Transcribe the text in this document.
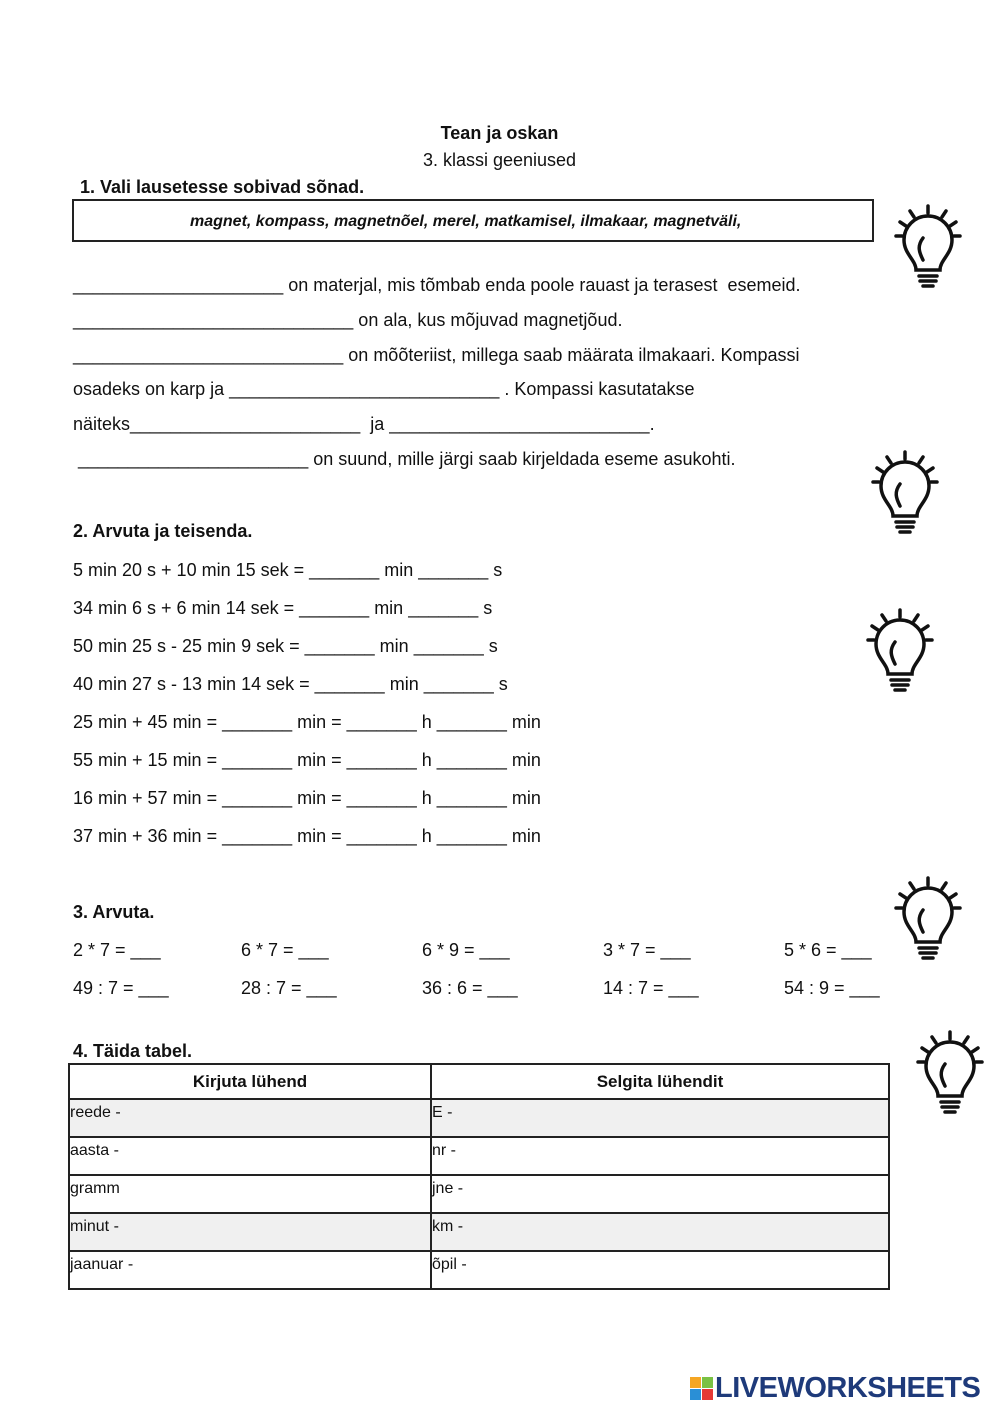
Tean ja oskan
3. klassi geeniused
1. Vali lausetesse sobivad sõnad.
magnet, kompass, magnetnõel, merel, matkamisel, ilmakaar, magnetväli,
_____________________ on materjal, mis tõmbab enda poole rauast ja terasest  esemeid.
____________________________ on ala, kus mõjuvad magnetjõud.
___________________________ on mõõteriist, millega saab määrata ilmakaari. Kompassi
osadeks on karp ja ___________________________ . Kompassi kasutatakse
näiteks_______________________  ja __________________________.
_______________________ on suund, mille järgi saab kirjeldada eseme asukohti.
2. Arvuta ja teisenda.
5 min 20 s + 10 min 15 sek = _______ min _______ s
34 min 6 s + 6 min 14 sek = _______ min _______ s
50 min 25 s - 25 min 9 sek = _______ min _______ s
40 min 27 s - 13 min 14 sek = _______ min _______ s
25 min + 45 min = _______ min = _______ h _______ min
55 min + 15 min = _______ min = _______ h _______ min
16 min + 57 min = _______ min = _______ h _______ min
37 min + 36 min = _______ min = _______ h _______ min
3. Arvuta.
2 * 7 = ___	6 * 7 = ___	6 * 9 = ___	3 * 7 = ___	5 * 6 = ___
49 : 7 = ___	28 : 7 = ___	36 : 6 = ___	14 : 7 = ___	54 : 9 = ___
4. Täida tabel.
Kirjuta lühend	Selgita lühendit
reede -	E -
aasta -	nr -
gramm	jne -
minut -	km -
jaanuar -	õpil -
LIVEWORKSHEETS
